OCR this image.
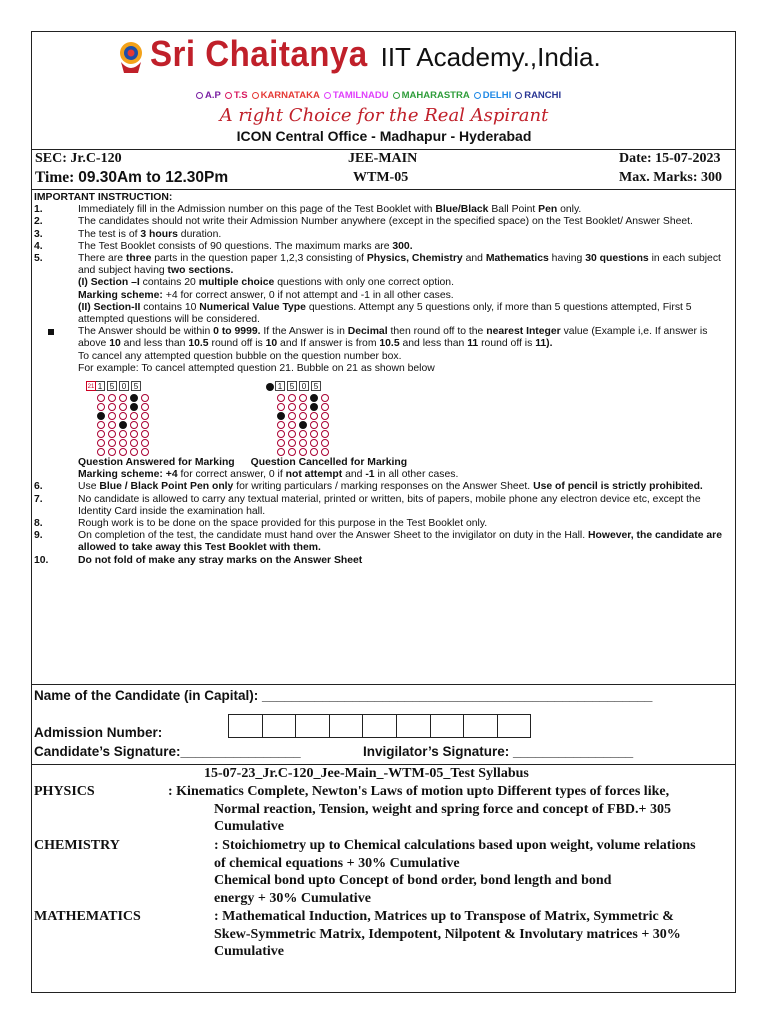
Sri Chaitanya IIT Academy.,India.
A.P T.S KARNATAKA TAMILNADU MAHARASTRA DELHI RANCHI
A right Choice for the Real Aspirant
ICON Central Office - Madhapur - Hyderabad
SEC: Jr.C-120	JEE-MAIN	Date: 15-07-2023
Time: 09.30Am to 12.30Pm	WTM-05	Max. Marks: 300
IMPORTANT INSTRUCTION:
1.	Immediately fill in the Admission number on this page of the Test Booklet with Blue/Black Ball Point Pen only.
2.	The candidates should not write their Admission Number anywhere (except in the specified space) on the Test Booklet/ Answer Sheet.
3.	The test is of 3 hours duration.
4.	The Test Booklet consists of 90 questions. The maximum marks are 300.
5.	There are three parts in the question paper 1,2,3 consisting of Physics, Chemistry and Mathematics having 30 questions in each subject and subject having two sections.
(I) Section –I contains 20 multiple choice questions with only one correct option.
Marking scheme: +4 for correct answer, 0 if not attempt and -1 in all other cases.
(II) Section-II contains 10 Numerical Value Type questions. Attempt any 5 questions only, if more than 5 questions attempted, First 5 attempted questions will be considered.
The Answer should be within 0 to 9999. If the Answer is in Decimal then round off to the nearest Integer value (Example i,e. If answer is above 10 and less than 10.5 round off is 10 and If answer is from 10.5 and less than 11 round off is 11).
To cancel any attempted question bubble on the question number box.
For example: To cancel attempted question 21. Bubble on 21 as shown below
21 1 5 0 5	1 5 0 5
Question Answered for Marking Question Cancelled for Marking
Marking scheme: +4 for correct answer, 0 if not attempt and -1 in all other cases.
6.	Use Blue / Black Point Pen only for writing particulars / marking responses on the Answer Sheet. Use of pencil is strictly prohibited.
7.	No candidate is allowed to carry any textual material, printed or written, bits of papers, mobile phone any electron device etc, except the Identity Card inside the examination hall.
8.	Rough work is to be done on the space provided for this purpose in the Test Booklet only.
9.	On completion of the test, the candidate must hand over the Answer Sheet to the invigilator on duty in the Hall. However, the candidate are allowed to take away this Test Booklet with them.
10.	Do not fold of make any stray marks on the Answer Sheet
Name of the Candidate (in Capital): ____________________________________________________
Admission Number:
Candidate’s Signature:________________	Invigilator’s Signature: ________________
15-07-23_Jr.C-120_Jee-Main_-WTM-05_Test Syllabus
PHYSICS	: Kinematics Complete, Newton's Laws of motion upto Different types of forces like,
Normal reaction, Tension, weight and spring force and concept of FBD.+ 305
Cumulative
CHEMISTRY	: Stoichiometry up to Chemical calculations based upon weight, volume relations
of chemical equations + 30% Cumulative
Chemical bond upto Concept of bond order, bond length and bond
energy + 30% Cumulative
MATHEMATICS	: Mathematical Induction, Matrices up to Transpose of Matrix, Symmetric &
Skew-Symmetric Matrix, Idempotent, Nilpotent & Involutary matrices + 30%
Cumulative
